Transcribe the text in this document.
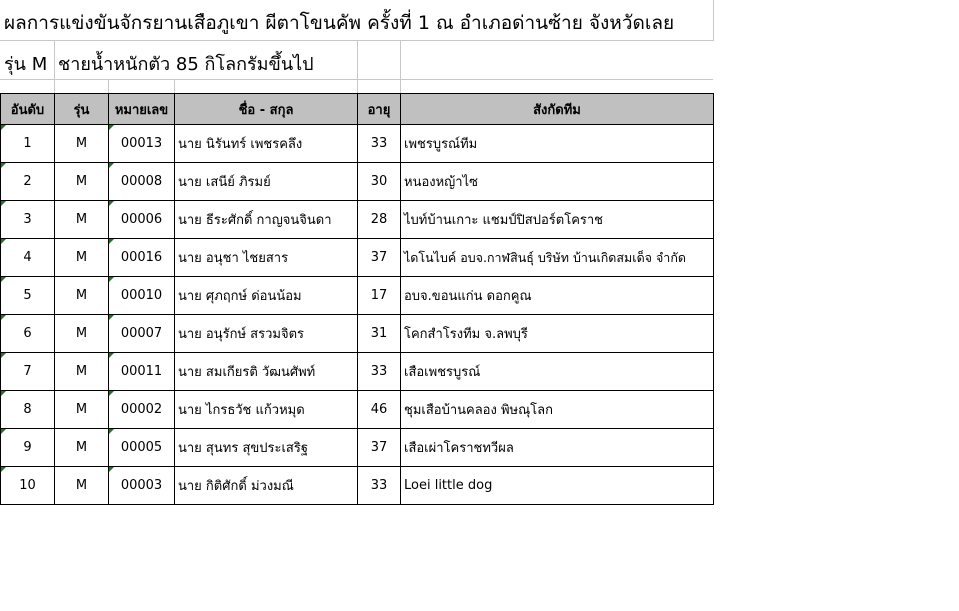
ผลการแข่งขันจักรยานเสือภูเขา ผีตาโขนคัพ ครั้งที่ 1 ณ อำเภอด่านซ้าย จังหวัดเลย
รุ่น M ชายน้ำหนักตัว 85 กิโลกรัมขึ้นไป
อันดับ	รุ่น	หมายเลข	ชื่อ - สกุล	อายุ	สังกัดทีม
1	M	00013	นาย นิรันทร์ เพชรคลึง	33	เพชรบูรณ์ทีม
2	M	00008	นาย เสนีย์ ภิรมย์	30	หนองหญ้าไซ
3	M	00006	นาย ธีระศักดิ์ กาญจนจินดา	28	ไบท์บ้านเกาะ แชมป์ปิสปอร์ตโคราช
4	M	00016	นาย อนุชา ไชยสาร	37	ไดโนไบค์ อบจ.กาฬสินธุ์ บริษัท บ้านเกิดสมเด็จ จำกัด
5	M	00010	นาย ศุภฤกษ์ ด่อนน้อม	17	อบจ.ขอนแก่น ดอกคูณ
6	M	00007	นาย อนุรักษ์ สรวมจิตร	31	โคกสำโรงทีม จ.ลพบุรี
7	M	00011	นาย สมเกียรติ วัฒนศัพท์	33	เสือเพชรบูรณ์
8	M	00002	นาย ไกรธวัช แก้วหมุด	46	ชุมเสือบ้านคลอง พิษณุโลก
9	M	00005	นาย สุนทร สุขประเสริฐ	37	เสือเผ่าโคราชทวีผล
10	M	00003	นาย กิติศักดิ์ ม่วงมณี	33	Loei little dog
